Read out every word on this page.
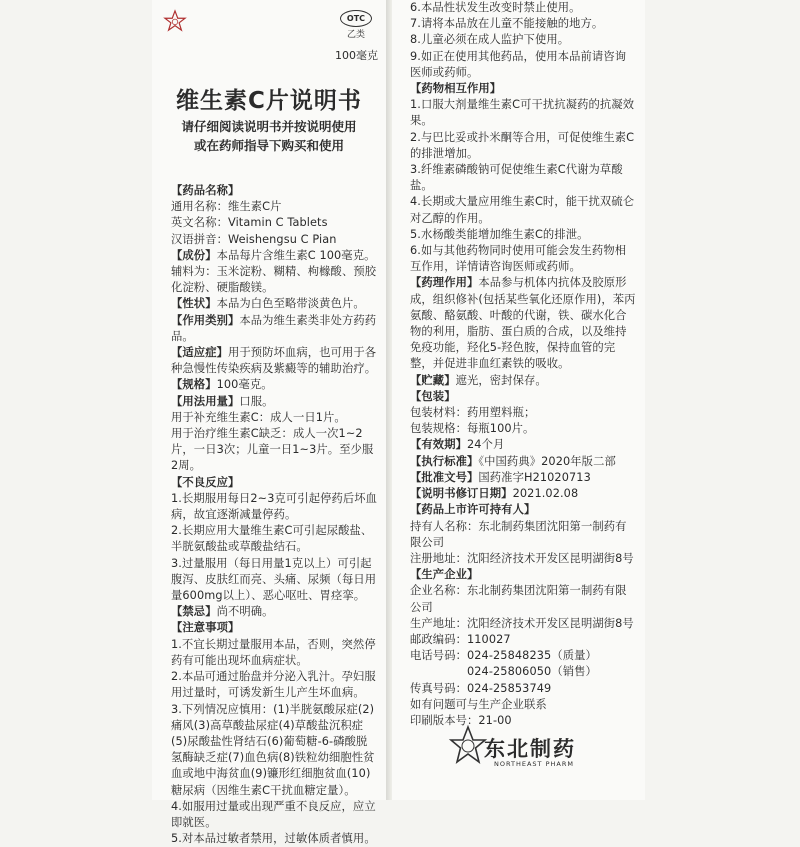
OTC
乙类
100毫克
维生素C片说明书
请仔细阅读说明书并按说明使用
或在药师指导下购买和使用

【药品名称】

通用名称：维生素C片

英文名称：Vitamin C Tablets

汉语拼音：Weishengsu C Pian

【成份】本品每片含维生素C 100毫克。辅料为：玉米淀粉、糊精、枸橼酸、预胶化淀粉、硬脂酸镁。

【性状】本品为白色至略带淡黄色片。

【作用类别】本品为维生素类非处方药药品。

【适应症】用于预防坏血病，也可用于各种急慢性传染疾病及紫癜等的辅助治疗。

【规格】100毫克。

【用法用量】口服。

用于补充维生素C：成人一日1片。

用于治疗维生素C缺乏：成人一次1~2片，一日3次；儿童一日1~3片。至少服2周。

【不良反应】

1.长期服用每日2~3克可引起停药后坏血病，故宜逐渐减量停药。

2.长期应用大量维生素C可引起尿酸盐、半胱氨酸盐或草酸盐结石。

3.过量服用（每日用量1克以上）可引起腹泻、皮肤红而亮、头痛、尿频（每日用量600mg以上）、恶心呕吐、胃痉挛。

【禁忌】尚不明确。

【注意事项】

1.不宜长期过量服用本品，否则，突然停药有可能出现坏血病症状。

2.本品可通过胎盘并分泌入乳汁。孕妇服用过量时，可诱发新生儿产生坏血病。

3.下列情况应慎用：(1)半胱氨酸尿症(2)痛风(3)高草酸盐尿症(4)草酸盐沉积症(5)尿酸盐性肾结石(6)葡萄糖-6-磷酸脱氢酶缺乏症(7)血色病(8)铁粒幼细胞性贫血或地中海贫血(9)镰形红细胞贫血(10)糖尿病（因维生素C干扰血糖定量）。

4.如服用过量或出现严重不良反应，应立即就医。

5.对本品过敏者禁用，过敏体质者慎用。

6.本品性状发生改变时禁止使用。

7.请将本品放在儿童不能接触的地方。

8.儿童必须在成人监护下使用。

9.如正在使用其他药品，使用本品前请咨询医师或药师。

【药物相互作用】

1.口服大剂量维生素C可干扰抗凝药的抗凝效果。

2.与巴比妥或扑米酮等合用，可促使维生素C的排泄增加。

3.纤维素磷酸钠可促使维生素C代谢为草酸盐。

4.长期或大量应用维生素C时，能干扰双硫仑对乙醇的作用。

5.水杨酸类能增加维生素C的排泄。

6.如与其他药物同时使用可能会发生药物相互作用，详情请咨询医师或药师。

【药理作用】本品参与机体内抗体及胶原形成，组织修补(包括某些氧化还原作用)，苯丙氨酸、酪氨酸、叶酸的代谢，铁、碳水化合物的利用，脂肪、蛋白质的合成，以及维持免疫功能，羟化5-羟色胺，保持血管的完整，并促进非血红素铁的吸收。

【贮藏】遮光，密封保存。

【包装】

包装材料：药用塑料瓶；

包装规格：每瓶100片。

【有效期】24个月

【执行标准】《中国药典》2020年版二部

【批准文号】国药准字H21020713

【说明书修订日期】2021.02.08

【药品上市许可持有人】

持有人名称：东北制药集团沈阳第一制药有限公司

注册地址：沈阳经济技术开发区昆明湖街8号

【生产企业】

企业名称：东北制药集团沈阳第一制药有限公司

生产地址：沈阳经济技术开发区昆明湖街8号

邮政编码：110027

电话号码：024-25848235（质量）

　　　　　024-25806050（销售）

传真号码：024-25853749

如有问题可与生产企业联系

印刷版本号：21-00

东北制药
NORTHEAST PHARM
